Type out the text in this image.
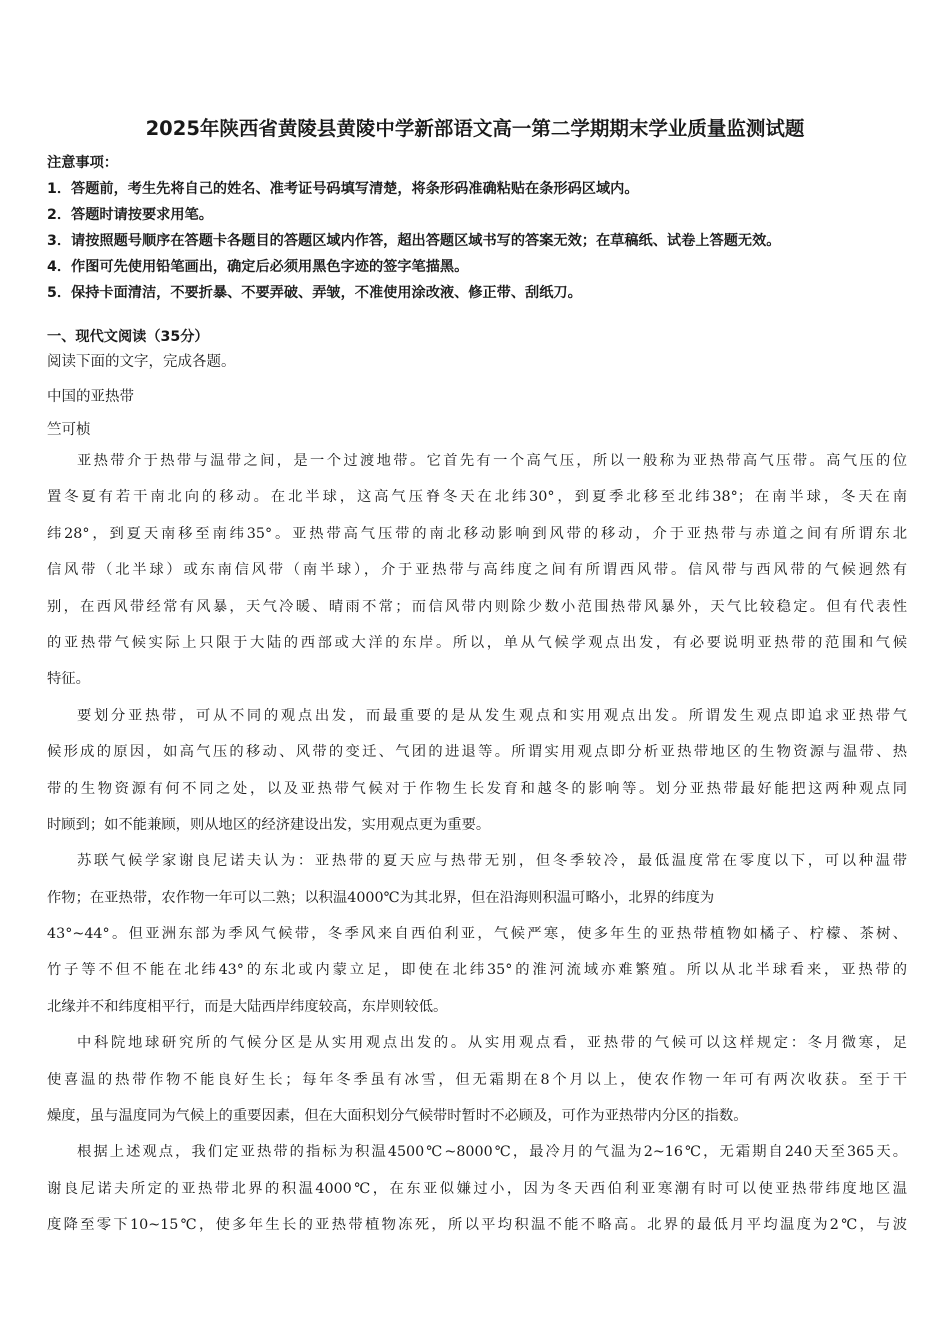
2025年陕西省黄陵县黄陵中学新部语文高一第二学期期末学业质量监测试题
注意事项：
1．答题前，考生先将自己的姓名、准考证号码填写清楚，将条形码准确粘贴在条形码区域内。
2．答题时请按要求用笔。
3．请按照题号顺序在答题卡各题目的答题区域内作答，超出答题区域书写的答案无效；在草稿纸、试卷上答题无效。
4．作图可先使用铅笔画出，确定后必须用黑色字迹的签字笔描黑。
5．保持卡面清洁，不要折暴、不要弄破、弄皱，不准使用涂改液、修正带、刮纸刀。
一、现代文阅读（35分）
阅读下面的文字，完成各题。
中国的亚热带
竺可桢
亚热带介于热带与温带之间，是一个过渡地带。它首先有一个高气压，所以一般称为亚热带高气压带。高气压的位
置冬夏有若干南北向的移动。在北半球，这高气压脊冬天在北纬30°，到夏季北移至北纬38°；在南半球，冬天在南
纬28°，到夏天南移至南纬35°。亚热带高气压带的南北移动影响到风带的移动，介于亚热带与赤道之间有所谓东北
信风带（北半球）或东南信风带（南半球），介于亚热带与高纬度之间有所谓西风带。信风带与西风带的气候迥然有
别，在西风带经常有风暴，天气冷暖、晴雨不常；而信风带内则除少数小范围热带风暴外，天气比较稳定。但有代表性
的亚热带气候实际上只限于大陆的西部或大洋的东岸。所以，单从气候学观点出发，有必要说明亚热带的范围和气候
特征。
要划分亚热带，可从不同的观点出发，而最重要的是从发生观点和实用观点出发。所谓发生观点即追求亚热带气
候形成的原因，如高气压的移动、风带的变迁、气团的进退等。所谓实用观点即分析亚热带地区的生物资源与温带、热
带的生物资源有何不同之处，以及亚热带气候对于作物生长发育和越冬的影响等。划分亚热带最好能把这两种观点同
时顾到；如不能兼顾，则从地区的经济建设出发，实用观点更为重要。
苏联气候学家谢良尼诺夫认为：亚热带的夏天应与热带无别，但冬季较冷，最低温度常在零度以下，可以种温带
作物；在亚热带，农作物一年可以二熟；以积温4000℃为其北界，但在沿海则积温可略小，北界的纬度为
43°~44°。但亚洲东部为季风气候带，冬季风来自西伯利亚，气候严寒，使多年生的亚热带植物如橘子、柠檬、茶树、
竹子等不但不能在北纬43°的东北或内蒙立足，即使在北纬35°的淮河流域亦难繁殖。所以从北半球看来，亚热带的
北缘并不和纬度相平行，而是大陆西岸纬度较高，东岸则较低。
中科院地球研究所的气候分区是从实用观点出发的。从实用观点看，亚热带的气候可以这样规定：冬月微寒，足
使喜温的热带作物不能良好生长；每年冬季虽有冰雪，但无霜期在8个月以上，使农作物一年可有两次收获。至于干
燥度，虽与温度同为气候上的重要因素，但在大面积划分气候带时暂时不必顾及，可作为亚热带内分区的指数。
根据上述观点，我们定亚热带的指标为积温4500℃~8000℃，最冷月的气温为2~16℃，无霜期自240天至365天。
谢良尼诺夫所定的亚热带北界的积温4000℃，在东亚似嫌过小，因为冬天西伯利亚寒潮有时可以使亚热带纬度地区温
度降至零下10~15℃，使多年生长的亚热带植物冻死，所以平均积温不能不略高。北界的最低月平均温度为2℃，与波
